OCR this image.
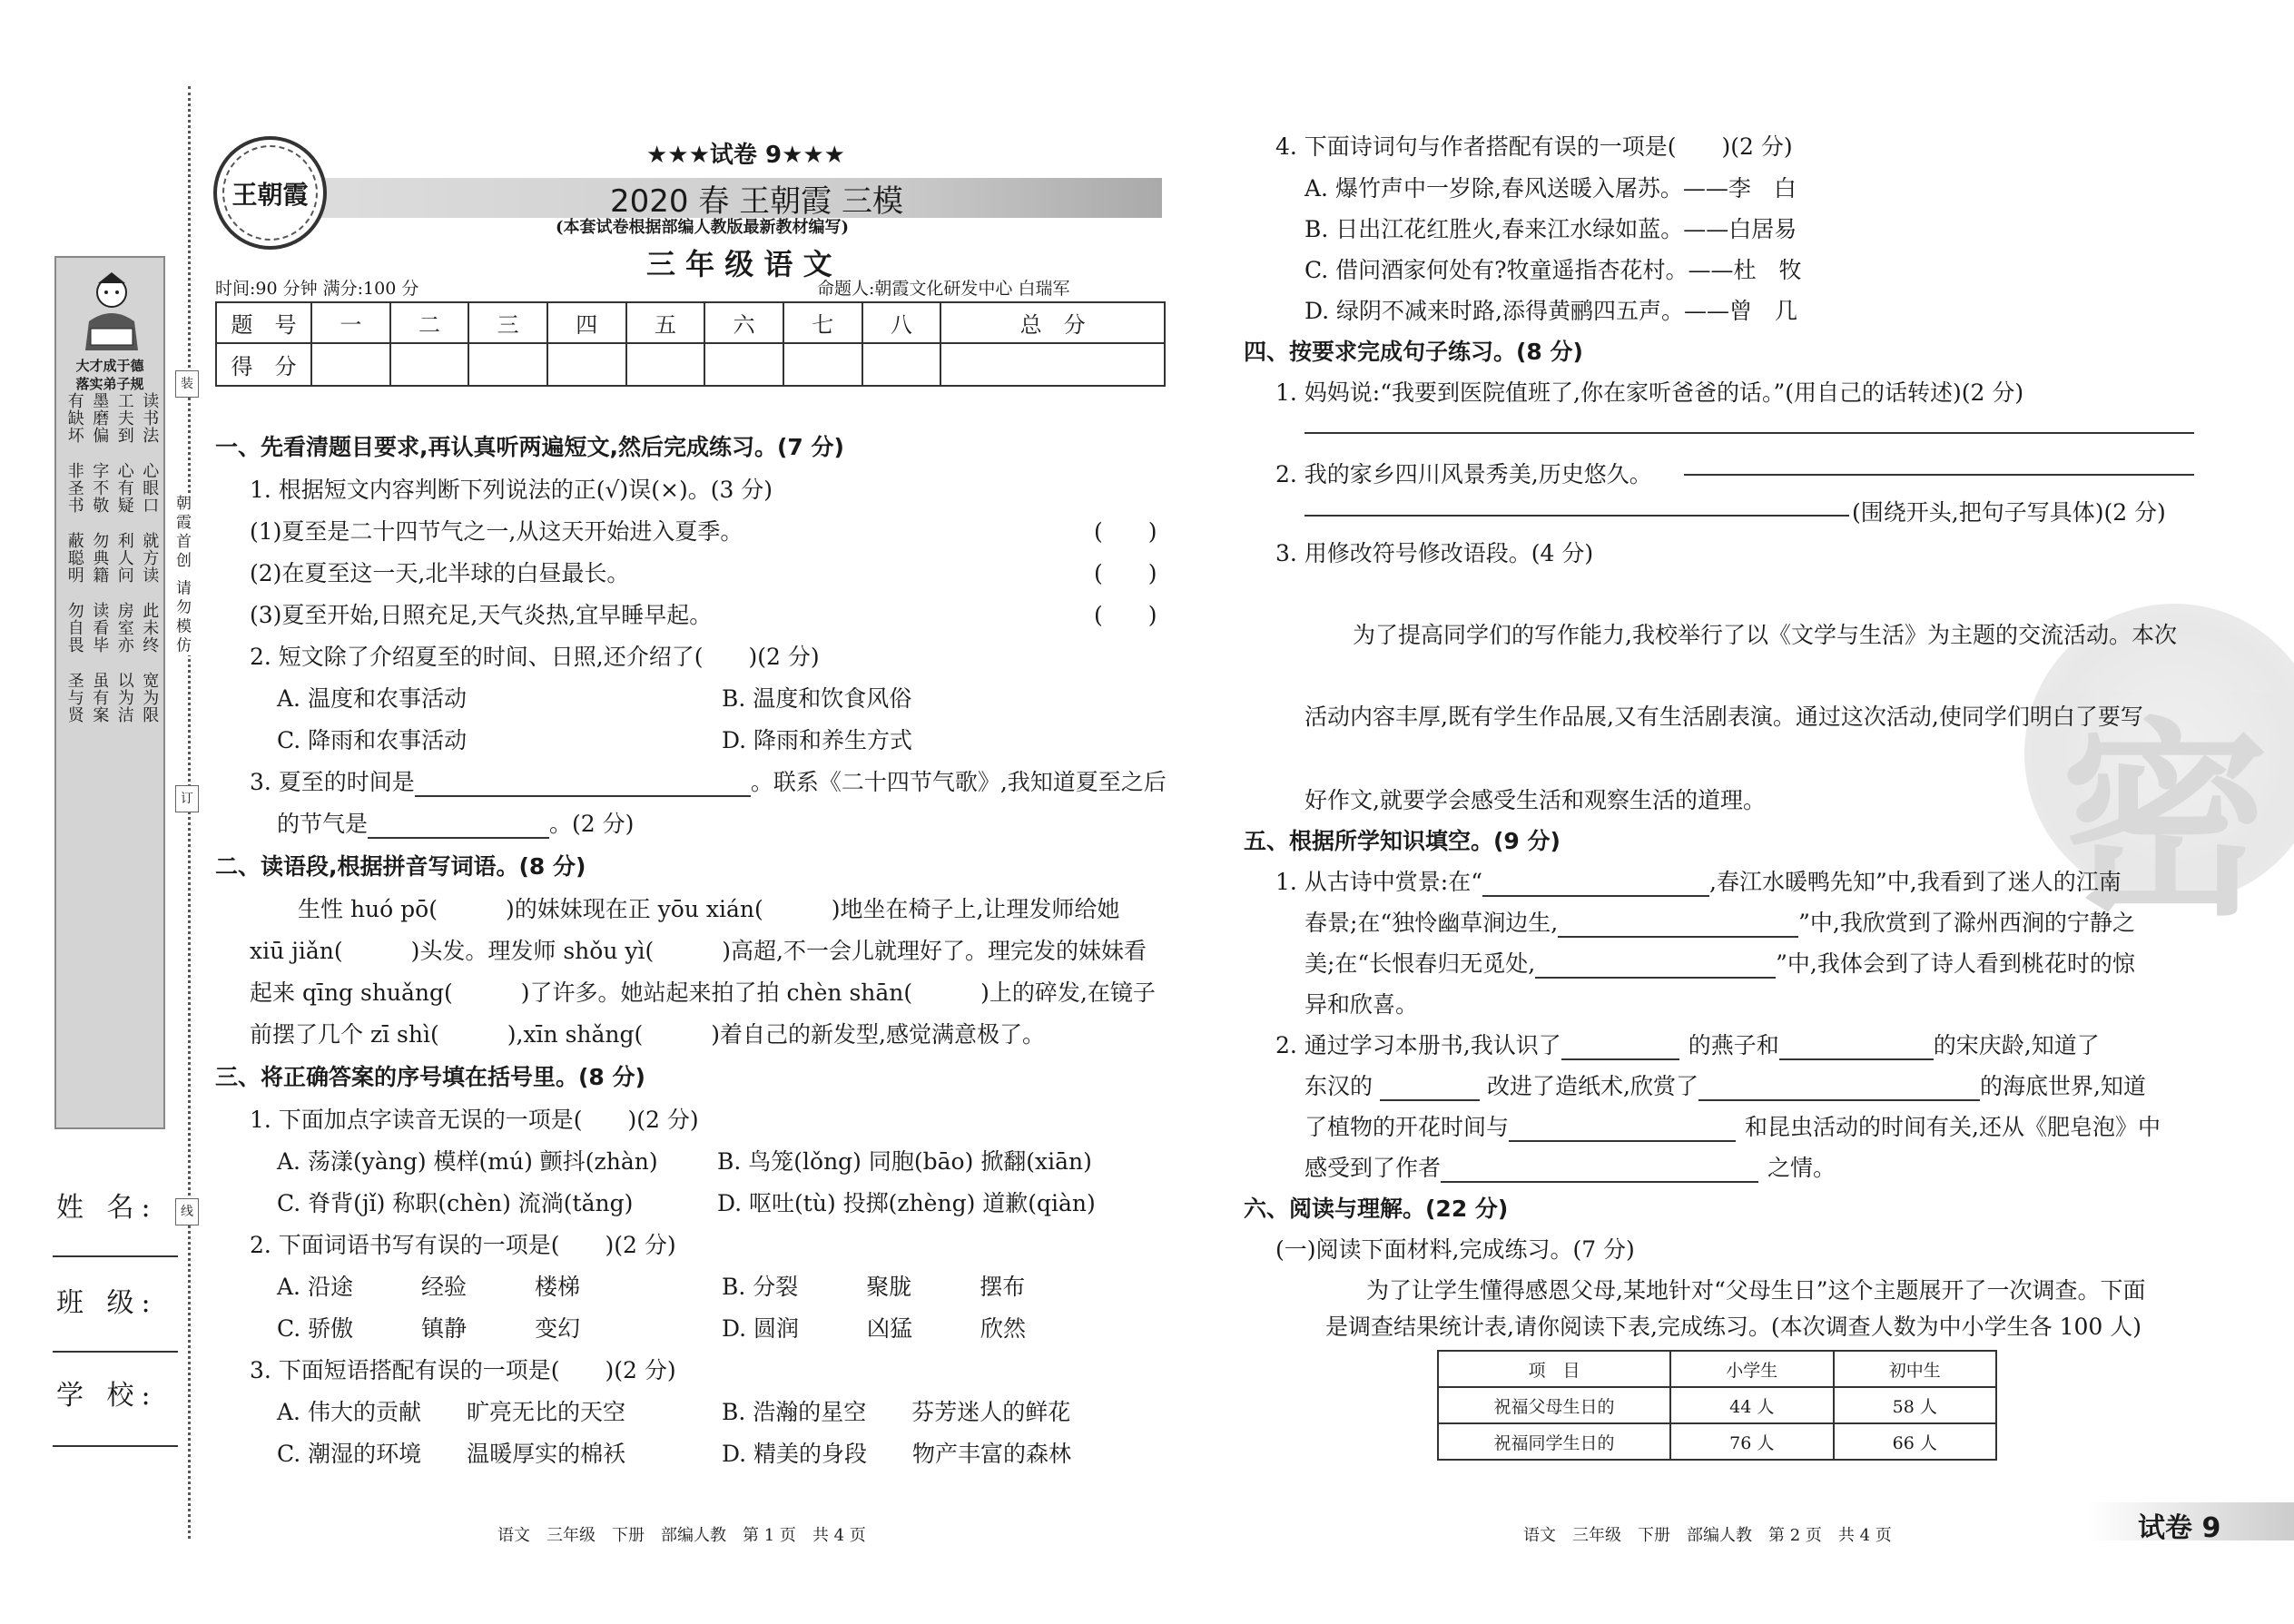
装
订
线
朝霞首创 请勿模仿
大才成于德
落实弟子规
有缺坏 墨磨偏 工夫到 读书法
非圣书 字不敬 心有疑 心眼口
蔽聪明 勿典籍 利人问 就方读
勿自畏 读看毕 房室亦 此未终
圣与贤 虽有案 以为洁 宽为限
姓 名:
班 级:
学 校:
王朝霞
★★★试卷 9★★★
2020 春 王朝霞 三模
(本套试卷根据部编人教版最新教材编写)
三 年 级 语 文
时间:90 分钟 满分:100 分	命题人:朝霞文化研发中心 白瑞军
题　号	一	二	三	四	五	六	七	八	总　分
得　分									
一、先看清题目要求,再认真听两遍短文,然后完成练习。(7 分)
1. 根据短文内容判断下列说法的正(√)误(×)。(3 分)
(1)夏至是二十四节气之一,从这天开始进入夏季。	(　　)
(2)在夏至这一天,北半球的白昼最长。	(　　)
(3)夏至开始,日照充足,天气炎热,宜早睡早起。	(　　)
2. 短文除了介绍夏至的时间、日照,还介绍了(　　)(2 分)
A. 温度和农事活动	B. 温度和饮食风俗
C. 降雨和农事活动	D. 降雨和养生方式
3. 夏至的时间是	。联系《二十四节气歌》,我知道夏至之后
的节气是	。(2 分)
二、读语段,根据拼音写词语。(8 分)
生性 huó pō(　　　)的妹妹现在正 yōu xián(　　　)地坐在椅子上,让理发师给她
xiū jiǎn(　　　)头发。理发师 shǒu yì(　　　)高超,不一会儿就理好了。理完发的妹妹看
起来 qīng shuǎng(　　　)了许多。她站起来拍了拍 chèn shān(　　　)上的碎发,在镜子
前摆了几个 zī shì(　　　),xīn shǎng(　　　)着自己的新发型,感觉满意极了。
三、将正确答案的序号填在括号里。(8 分)
1. 下面加点字读音无误的一项是(　　)(2 分)
A. 荡漾(yàng) 模样(mú) 颤抖(zhàn)	B. 鸟笼(lǒng) 同胞(bāo) 掀翻(xiān)
C. 脊背(jǐ) 称职(chèn) 流淌(tǎng)	D. 呕吐(tù) 投掷(zhèng) 道歉(qiàn)
2. 下面词语书写有误的一项是(　　)(2 分)
A. 沿途　　　经验　　　楼梯	B. 分裂　　　聚胧　　　摆布
C. 骄傲　　　镇静　　　变幻	D. 圆润　　　凶猛　　　欣然
3. 下面短语搭配有误的一项是(　　)(2 分)
A. 伟大的贡献　　旷亮无比的天空	B. 浩瀚的星空　　芬芳迷人的鲜花
C. 潮湿的环境　　温暖厚实的棉袄	D. 精美的身段　　物产丰富的森林
语文　三年级　下册　部编人教　第 1 页　共 4 页
密
4. 下面诗词句与作者搭配有误的一项是(　　)(2 分)
A. 爆竹声中一岁除,春风送暖入屠苏。——李　白
B. 日出江花红胜火,春来江水绿如蓝。——白居易
C. 借问酒家何处有?牧童遥指杏花村。——杜　牧
D. 绿阴不减来时路,添得黄鹂四五声。——曾　几
四、按要求完成句子练习。(8 分)
1. 妈妈说:“我要到医院值班了,你在家听爸爸的话。”(用自己的话转述)(2 分)
2. 我的家乡四川风景秀美,历史悠久。
(围绕开头,把句子写具体)(2 分)
3. 用修改符号修改语段。(4 分)
为了提高同学们的写作能力,我校举行了以《文学与生活》为主题的交流活动。本次
活动内容丰厚,既有学生作品展,又有生活剧表演。通过这次活动,使同学们明白了要写
好作文,就要学会感受生活和观察生活的道理。
五、根据所学知识填空。(9 分)
1. 从古诗中赏景:在“	,春江水暖鸭先知”中,我看到了迷人的江南
春景;在“独怜幽草涧边生,	”中,我欣赏到了滁州西涧的宁静之
美;在“长恨春归无觅处,	”中,我体会到了诗人看到桃花时的惊
异和欣喜。
2. 通过学习本册书,我认识了	的燕子和	的宋庆龄,知道了
东汉的	改进了造纸术,欣赏了	的海底世界,知道
了植物的开花时间与	和昆虫活动的时间有关,还从《肥皂泡》中
感受到了作者	之情。
六、阅读与理解。(22 分)
(一)阅读下面材料,完成练习。(7 分)
为了让学生懂得感恩父母,某地针对“父母生日”这个主题展开了一次调查。下面
是调查结果统计表,请你阅读下表,完成练习。(本次调查人数为中小学生各 100 人)
项　目	小学生	初中生
祝福父母生日的	44 人	58 人
祝福同学生日的	76 人	66 人
语文　三年级　下册　部编人教　第 2 页　共 4 页	试卷 9
